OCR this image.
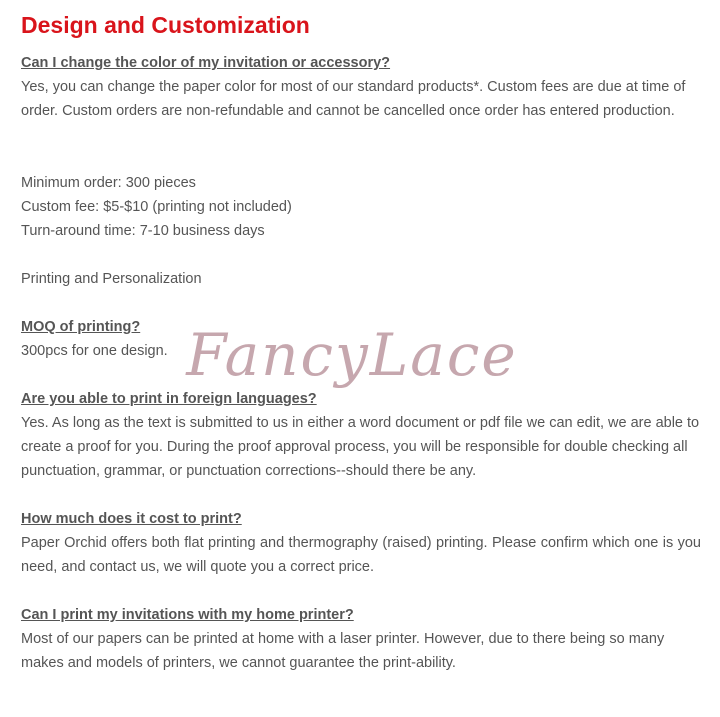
Design and Customization
Can I change the color of my invitation or accessory?
Yes, you can change the paper color for most of our standard products*. Custom fees are due at time of order. Custom orders are non-refundable and cannot be cancelled once order has entered production.
Minimum order: 300 pieces
Custom fee: $5-$10 (printing not included)
Turn-around time: 7-10 business days
Printing and Personalization
MOQ of printing?
300pcs for one design.
Are you able to print in foreign languages?
Yes. As long as the text is submitted to us in either a word document or pdf file we can edit, we are able to create a proof for you. During the proof approval process, you will be responsible for double checking all punctuation, grammar, or punctuation corrections--should there be any.
How much does it cost to print?
Paper Orchid offers both flat printing and thermography (raised) printing. Please confirm which one is you need, and contact us, we will quote you a correct price.
Can I print my invitations with my home printer?
Most of our papers can be printed at home with a laser printer. However, due to there being so many makes and models of printers, we cannot guarantee the print-ability.
FancyLace
